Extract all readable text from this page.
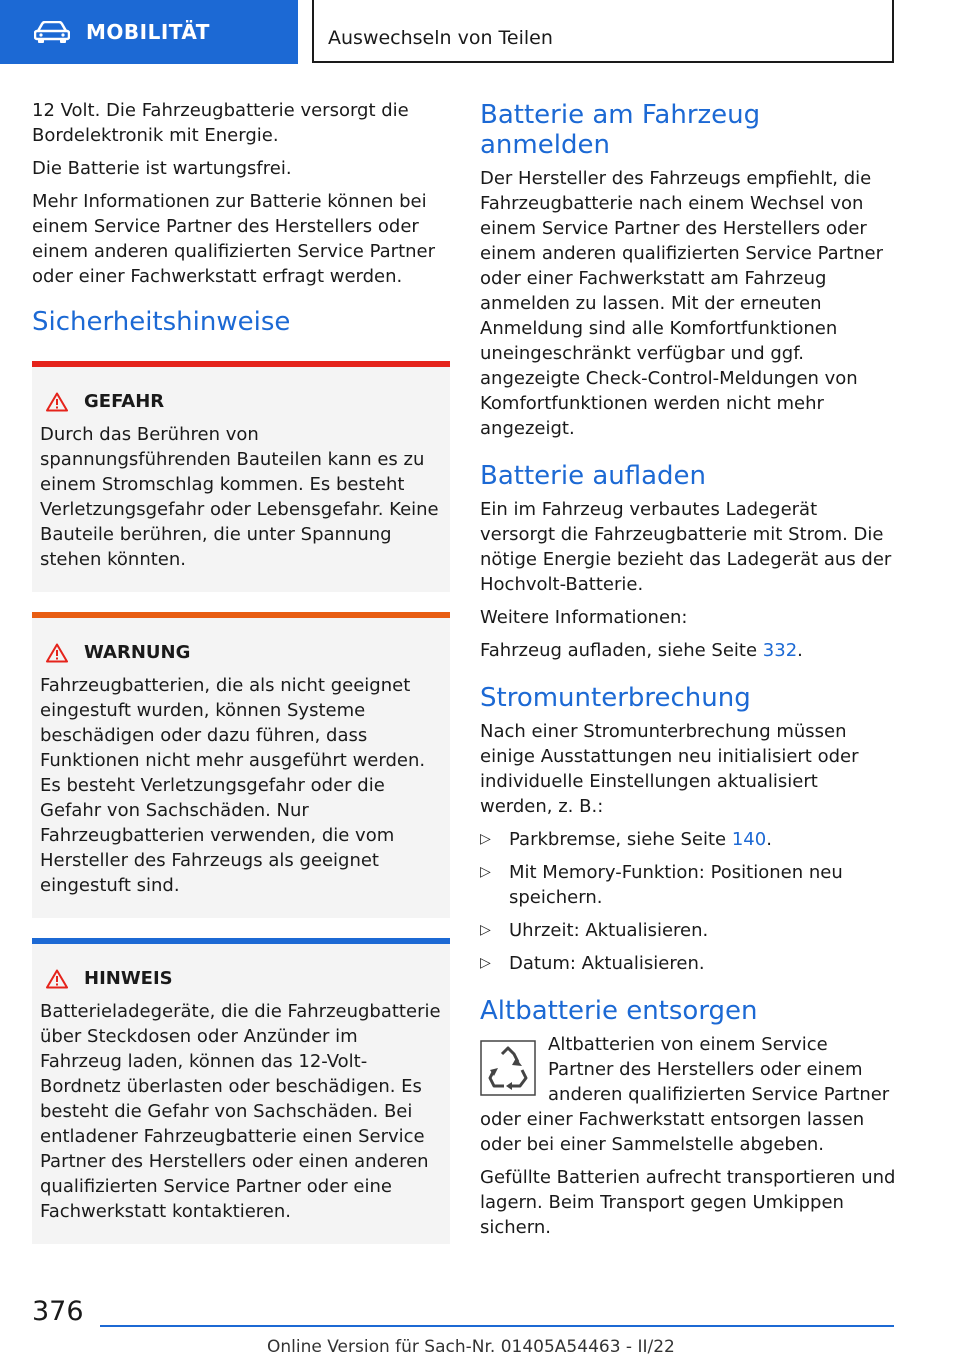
MOBILITÄT	Auswechseln von Teilen

12 Volt. Die Fahrzeugbatterie versorgt die Bordelektronik mit Energie.

Die Batterie ist wartungsfrei.

Mehr Informationen zur Batterie können bei einem Service Partner des Herstellers oder einem anderen qualifizierten Service Partner oder einer Fachwerkstatt erfragt werden.

Sicherheitshinweise
GEFAHR

Durch das Berühren von spannungsführenden Bauteilen kann es zu einem Stromschlag kommen. Es besteht Verletzungsgefahr oder Lebensgefahr. Keine Bauteile berühren, die unter Spannung stehen könnten.

WARNUNG

Fahrzeugbatterien, die als nicht geeignet eingestuft wurden, können Systeme beschädigen oder dazu führen, dass Funktionen nicht mehr ausgeführt werden. Es besteht Verletzungsgefahr oder die Gefahr von Sachschäden. Nur Fahrzeugbatterien verwenden, die vom Hersteller des Fahrzeugs als geeignet eingestuft sind.

HINWEIS

Batterieladegeräte, die die Fahrzeugbatterie über Steckdosen oder Anzünder im Fahrzeug laden, können das 12-Volt-Bordnetz überlasten oder beschädigen. Es besteht die Gefahr von Sachschäden. Bei entladener Fahrzeugbatterie einen Service Partner des Herstellers oder einen anderen qualifizierten Service Partner oder eine Fachwerkstatt kontaktieren.

Batterie am Fahrzeug anmelden

Der Hersteller des Fahrzeugs empfiehlt, die Fahrzeugbatterie nach einem Wechsel von einem Service Partner des Herstellers oder einem anderen qualifizierten Service Partner oder einer Fachwerkstatt am Fahrzeug anmelden zu lassen. Mit der erneuten Anmeldung sind alle Komfortfunktionen uneingeschränkt verfügbar und ggf. angezeigte Check-Control-Meldungen von Komfortfunktionen werden nicht mehr angezeigt.

Batterie aufladen

Ein im Fahrzeug verbautes Ladegerät versorgt die Fahrzeugbatterie mit Strom. Die nötige Energie bezieht das Ladegerät aus der Hochvolt-Batterie.

Weitere Informationen:

Fahrzeug aufladen, siehe Seite 332.

Stromunterbrechung

Nach einer Stromunterbrechung müssen einige Ausstattungen neu initialisiert oder individuelle Einstellungen aktualisiert werden, z. B.:

▷ Parkbremse, siehe Seite 140.
▷ Mit Memory-Funktion: Positionen neu speichern.
▷ Uhrzeit: Aktualisieren.
▷ Datum: Aktualisieren.
Altbatterie entsorgen

Altbatterien von einem Service Partner des Herstellers oder einem anderen qualifizierten Service Partner oder einer Fachwerkstatt entsorgen lassen oder bei einer Sammelstelle abgeben.

Gefüllte Batterien aufrecht transportieren und lagern. Beim Transport gegen Umkippen sichern.

376
Online Version für Sach-Nr. 01405A54463 - II/22
